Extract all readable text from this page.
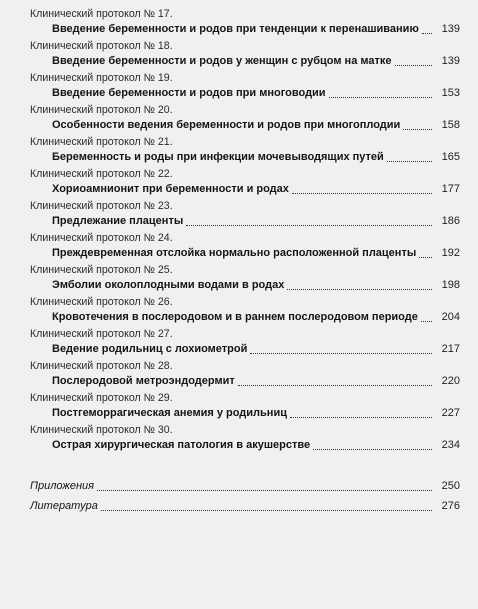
Клинический протокол № 17.
Введение беременности и родов при тенденции к перенашиванию	139
Клинический протокол № 18.
Введение беременности и родов у женщин с рубцом на матке	139
Клинический протокол № 19.
Введение беременности и родов при многоводии	153
Клинический протокол № 20.
Особенности ведения беременности и родов при многоплодии	158
Клинический протокол № 21.
Беременность и роды при инфекции мочевыводящих путей	165
Клинический протокол № 22.
Хориоамнионит при беременности и родах	177
Клинический протокол № 23.
Предлежание плаценты	186
Клинический протокол № 24.
Преждевременная отслойка нормально расположенной плаценты	192
Клинический протокол № 25.
Эмболии околоплодными водами в родах	198
Клинический протокол № 26.
Кровотечения в послеродовом и в раннем послеродовом периоде	204
Клинический протокол № 27.
Ведение родильниц с лохиометрой	217
Клинический протокол № 28.
Послеродовой метроэндодермит	220
Клинический протокол № 29.
Постгеморрагическая анемия у родильниц	227
Клинический протокол № 30.
Острая хирургическая патология в акушерстве	234
Приложения	250
Литература	276
